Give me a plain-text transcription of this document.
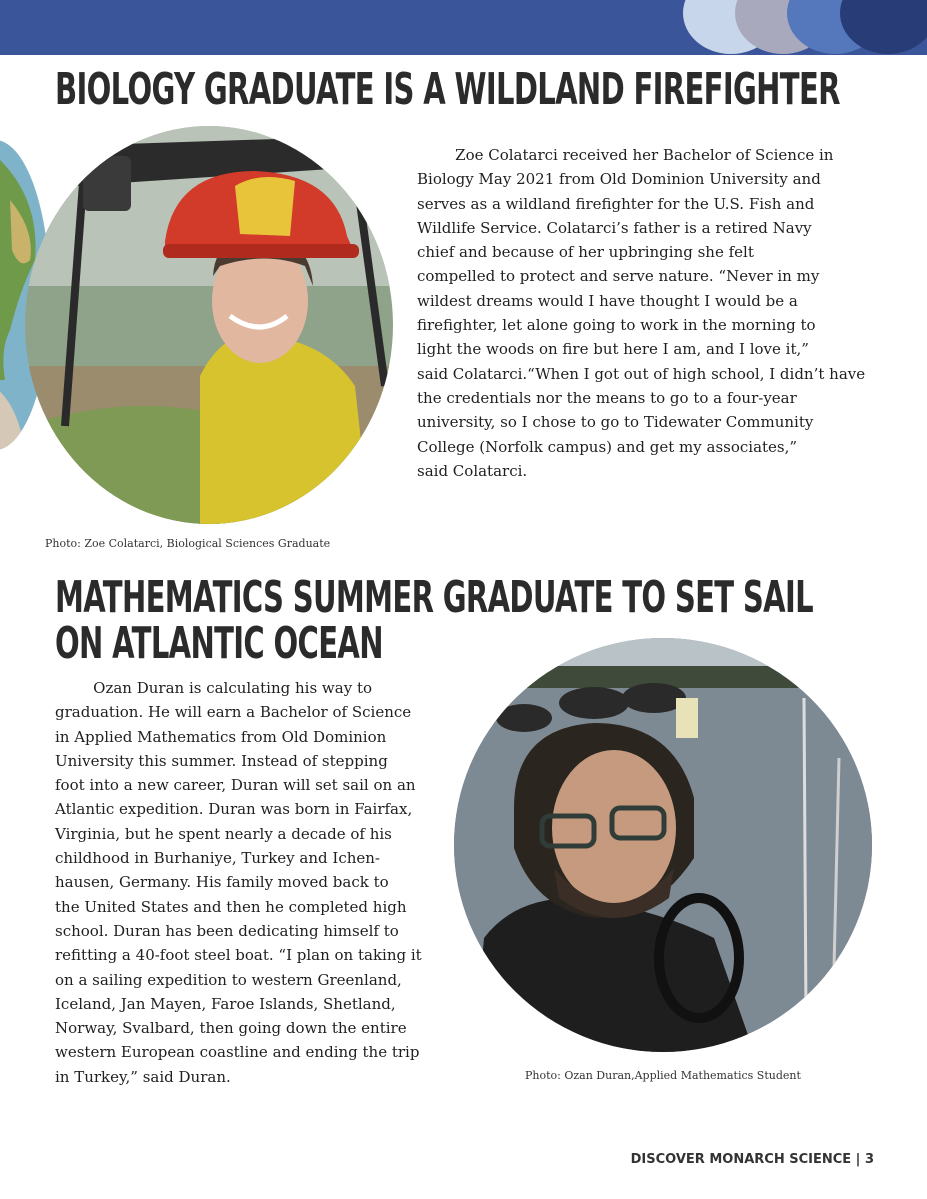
BIOLOGY GRADUATE IS A WILDLAND FIREFIGHTER

Zoe Colatarci received her Bachelor of Science in
Biology May 2021 from Old Dominion University and
serves as a wildland firefighter for the U.S. Fish and
Wildlife Service. Colatarci’s father is a retired Navy
chief and because of her upbringing she felt
compelled to protect and serve nature. “Never in my
wildest dreams would I have thought I would be a
firefighter, let alone going to work in the morning to
light the woods on fire but here I am, and I love it,”
said Colatarci.“When I got out of high school, I didn’t have
the credentials nor the means to go to a four-year
university, so I chose to go to Tidewater Community
College (Norfolk campus) and get my associates,”
said Colatarci.

Photo: Zoe Colatarci, Biological Sciences Graduate
MATHEMATICS SUMMER GRADUATE TO SET SAIL
ON ATLANTIC OCEAN

Ozan Duran is calculating his way to
graduation. He will earn a Bachelor of Science
in Applied Mathematics from Old Dominion
University this summer. Instead of stepping
foot into a new career, Duran will set sail on an
Atlantic expedition. Duran was born in Fairfax,
Virginia, but he spent nearly a decade of his
childhood in Burhaniye, Turkey and Ichen-
hausen, Germany. His family moved back to
the United States and then he completed high
school. Duran has been dedicating himself to
refitting a 40-foot steel boat. “I plan on taking it
on a sailing expedition to western Greenland,
Iceland, Jan Mayen, Faroe Islands, Shetland,
Norway, Svalbard, then going down the entire
western European coastline and ending the trip
in Turkey,” said Duran.	Photo: Ozan Duran,Applied Mathematics Student
DISCOVER MONARCH SCIENCE | 3
